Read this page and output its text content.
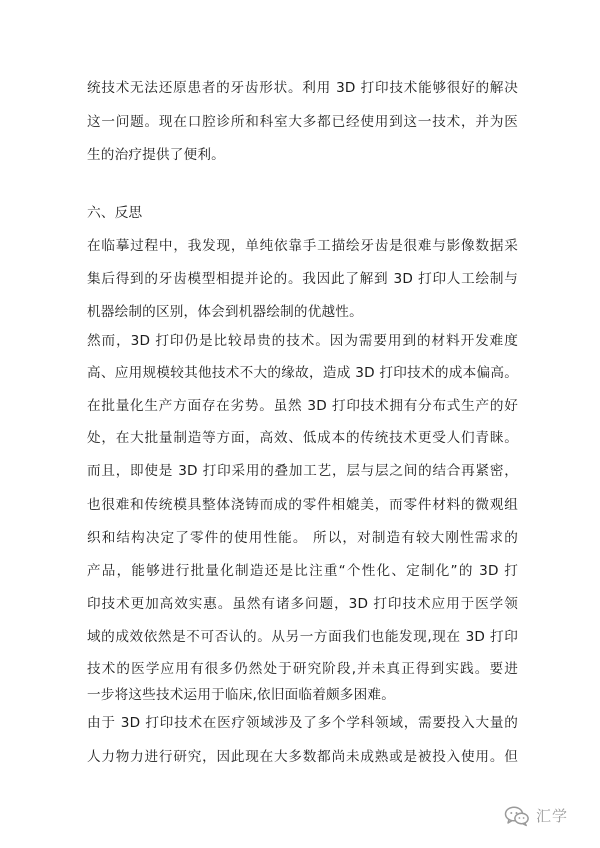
统技术无法还原患者的牙齿形状。利用 3D 打印技术能够很好的解决
这一问题。现在口腔诊所和科室大多都已经使用到这一技术，并为医
生的治疗提供了便利。
六、反思
在临摹过程中，我发现，单纯依靠手工描绘牙齿是很难与影像数据采
集后得到的牙齿模型相提并论的。我因此了解到 3D 打印人工绘制与
机器绘制的区别，体会到机器绘制的优越性。
然而，3D 打印仍是比较昂贵的技术。因为需要用到的材料开发难度
高、应用规模较其他技术不大的缘故，造成 3D 打印技术的成本偏高。
在批量化生产方面存在劣势。虽然 3D 打印技术拥有分布式生产的好
处，在大批量制造等方面，高效、低成本的传统技术更受人们青睐。
而且，即使是 3D 打印采用的叠加工艺，层与层之间的结合再紧密，
也很难和传统模具整体浇铸而成的零件相媲美，而零件材料的微观组
织和结构决定了零件的使用性能。 所以，对制造有较大刚性需求的
产品，能够进行批量化制造还是比注重“个性化、定制化”的 3D 打
印技术更加高效实惠。虽然有诸多问题，3D 打印技术应用于医学领
域的成效依然是不可否认的。从另一方面我们也能发现,现在 3D 打印
技术的医学应用有很多仍然处于研究阶段,并未真正得到实践。要进
一步将这些技术运用于临床,依旧面临着颇多困难。
由于 3D 打印技术在医疗领域涉及了多个学科领域，需要投入大量的
人力物力进行研究，因此现在大多数都尚未成熟或是被投入使用。但
汇学
